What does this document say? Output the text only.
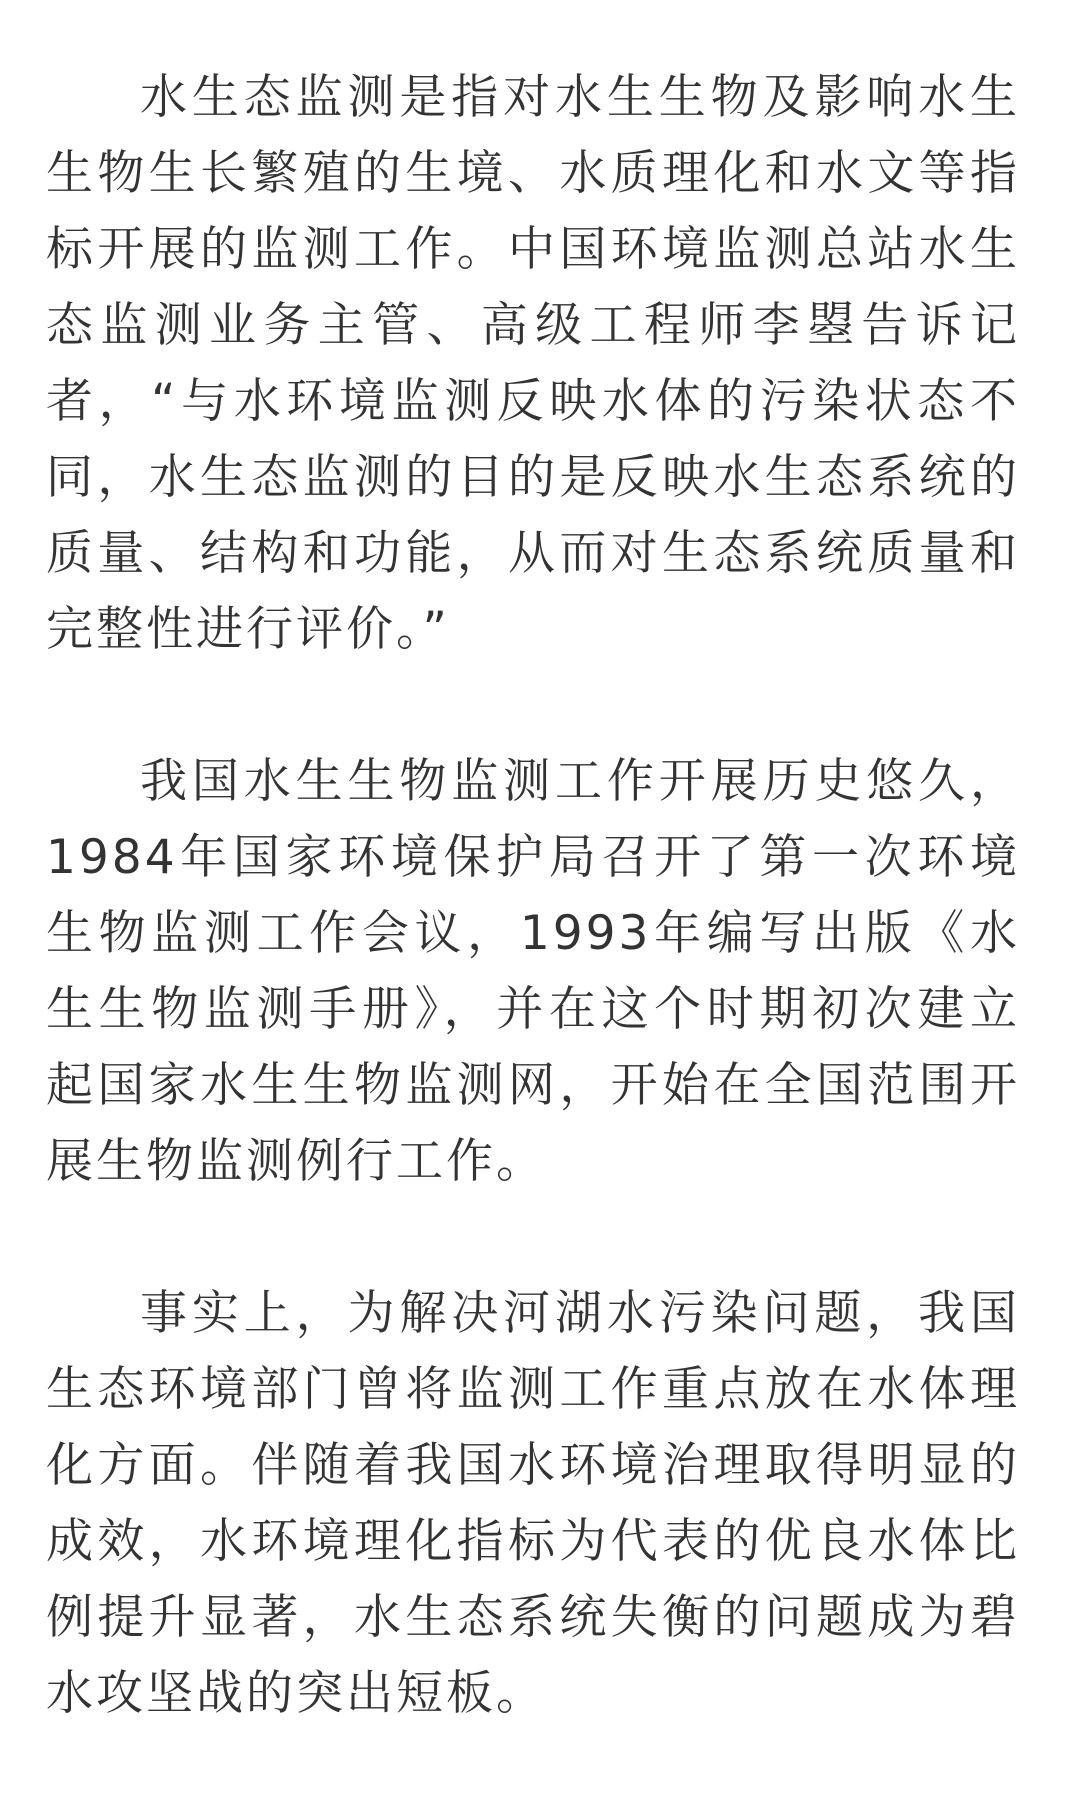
水生态监测是指对水生生物及影响水生生物生长繁殖的生境、水质理化和水文等指标开展的监测工作。中国环境监测总站水生态监测业务主管、高级工程师李曌告诉记者，“与水环境监测反映水体的污染状态不同，水生态监测的目的是反映水生态系统的质量、结构和功能，从而对生态系统质量和完整性进行评价。”

我国水生生物监测工作开展历史悠久，1984年国家环境保护局召开了第一次环境生物监测工作会议，1993年编写出版《水生生物监测手册》，并在这个时期初次建立起国家水生生物监测网，开始在全国范围开展生物监测例行工作。

事实上，为解决河湖水污染问题，我国生态环境部门曾将监测工作重点放在水体理化方面。伴随着我国水环境治理取得明显的成效，水环境理化指标为代表的优良水体比例提升显著，水生态系统失衡的问题成为碧水攻坚战的突出短板。
